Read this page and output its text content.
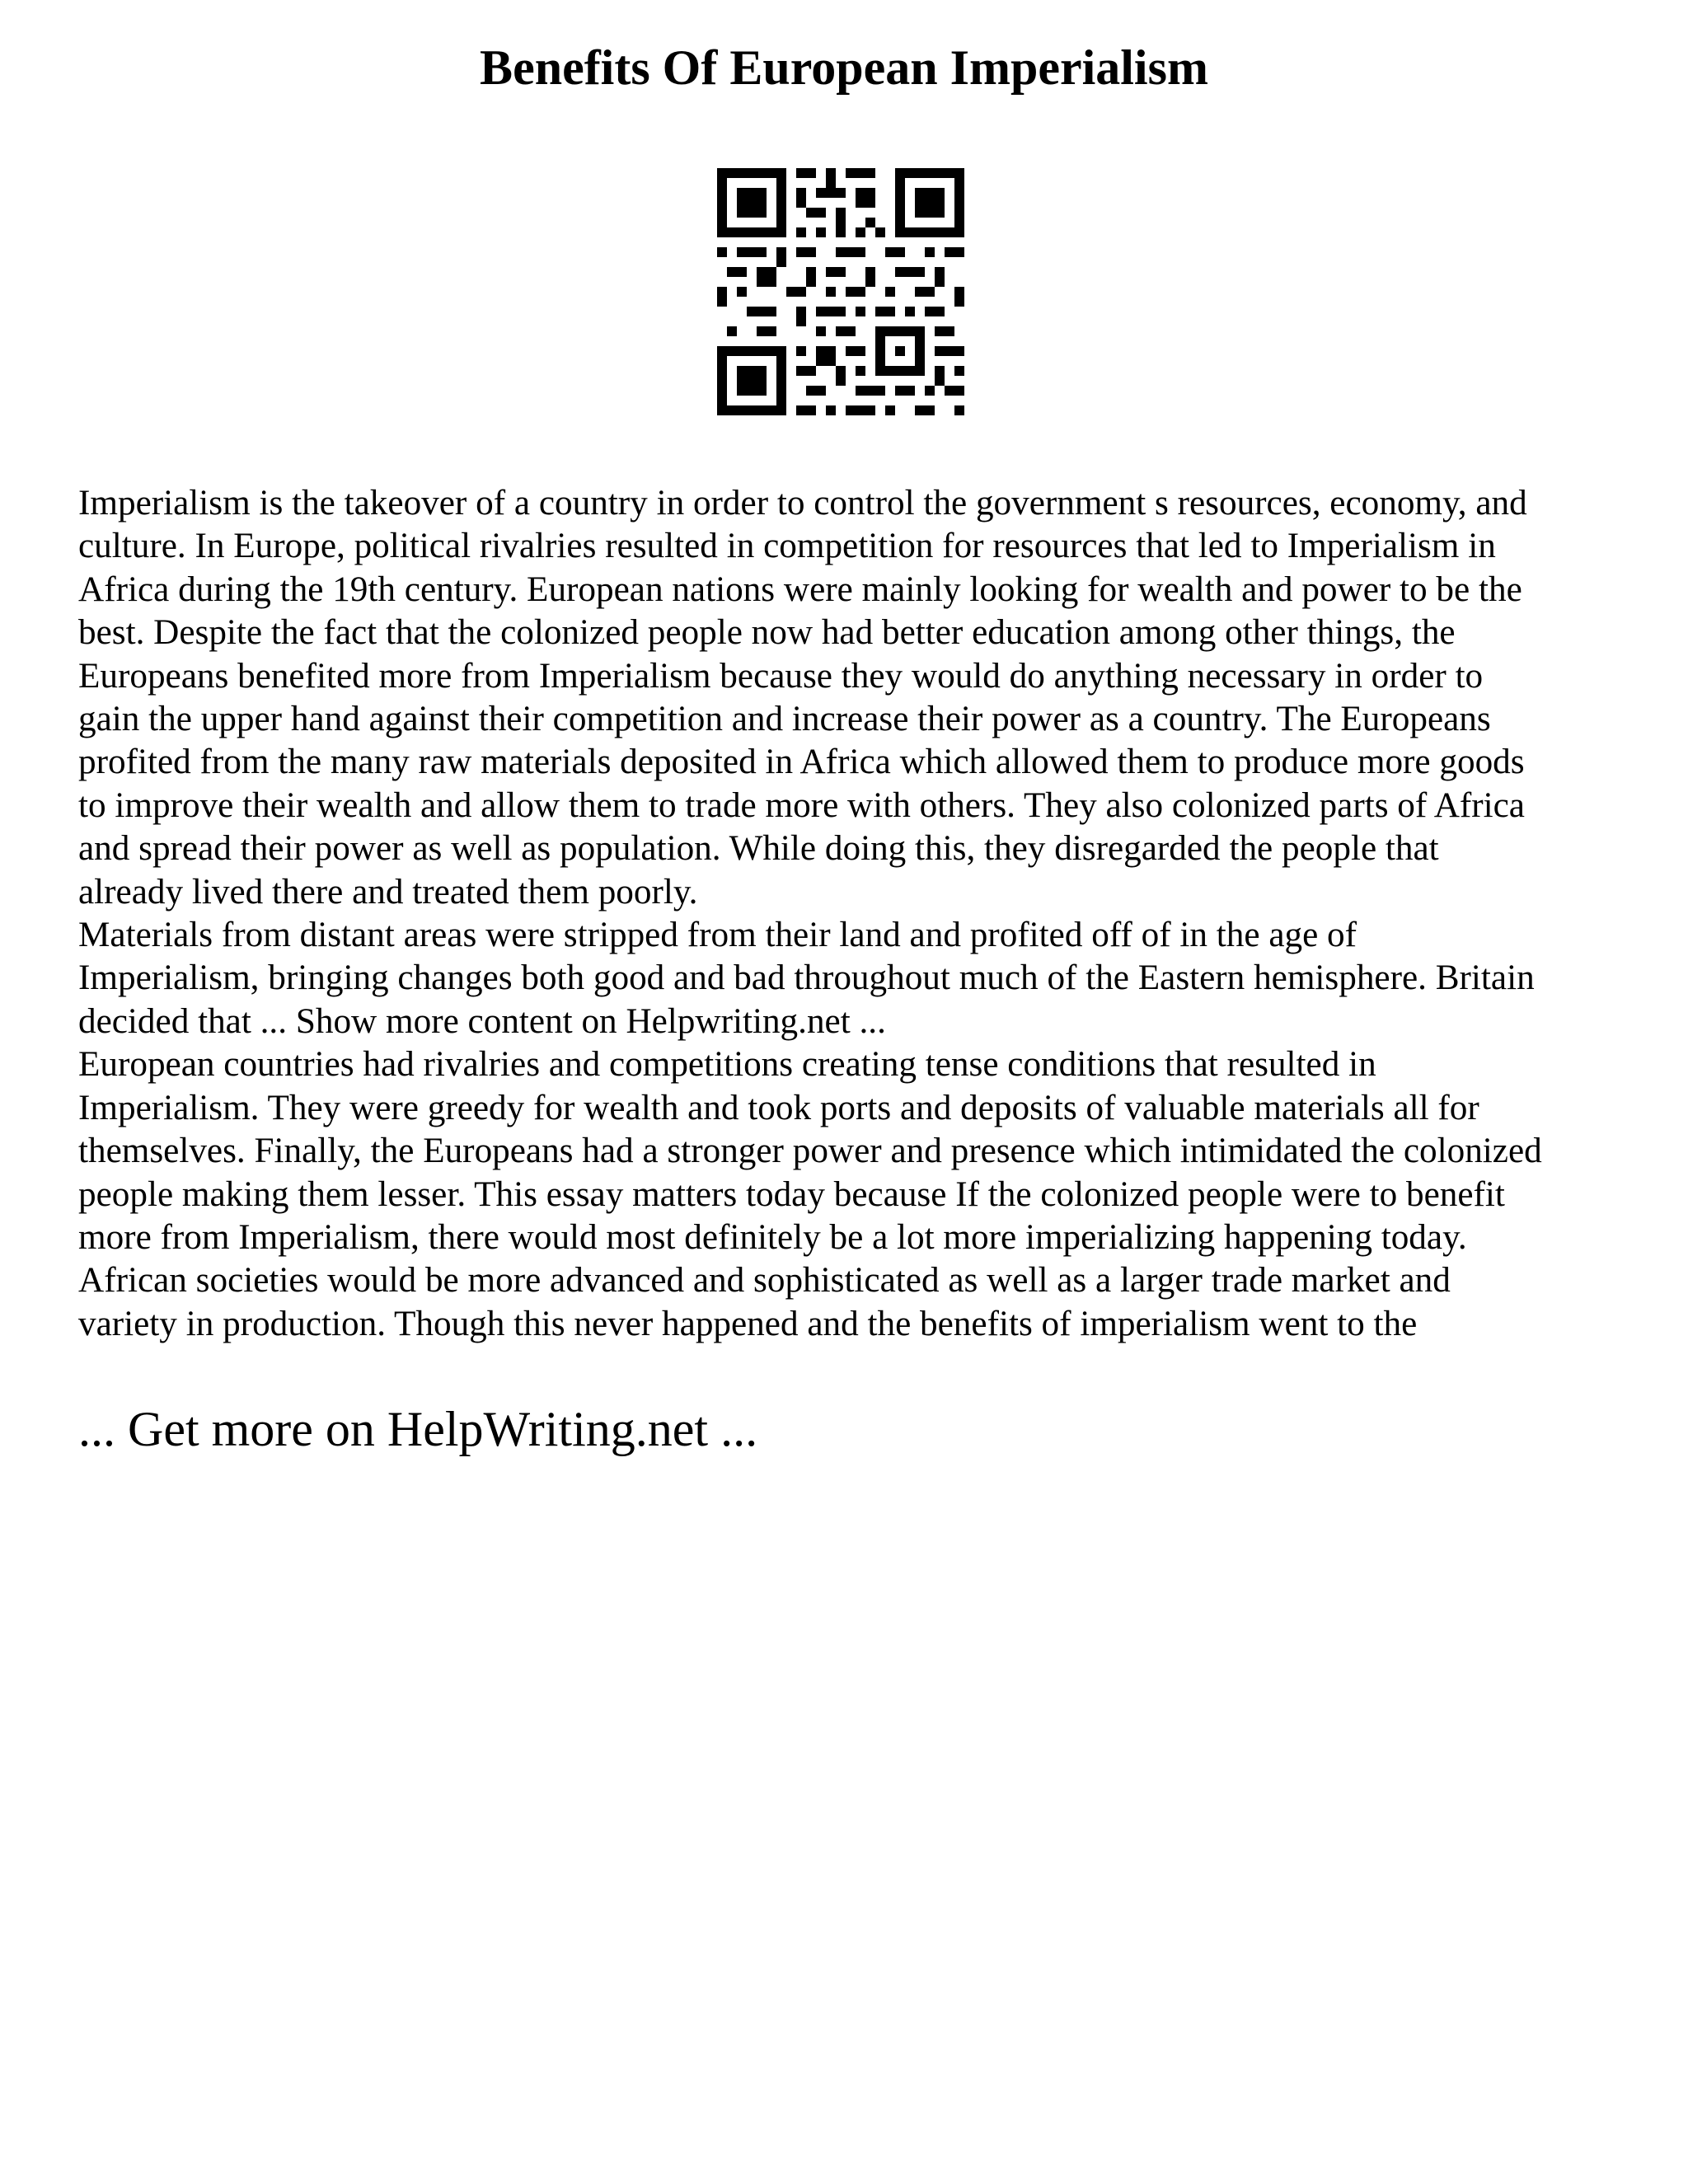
Benefits Of European Imperialism
Imperialism is the takeover of a country in order to control the government s resources, economy, and
culture. In Europe, political rivalries resulted in competition for resources that led to Imperialism in
Africa during the 19th century. European nations were mainly looking for wealth and power to be the
best. Despite the fact that the colonized people now had better education among other things, the
Europeans benefited more from Imperialism because they would do anything necessary in order to
gain the upper hand against their competition and increase their power as a country. The Europeans
profited from the many raw materials deposited in Africa which allowed them to produce more goods
to improve their wealth and allow them to trade more with others. They also colonized parts of Africa
and spread their power as well as population. While doing this, they disregarded the people that
already lived there and treated them poorly.
Materials from distant areas were stripped from their land and profited off of in the age of
Imperialism, bringing changes both good and bad throughout much of the Eastern hemisphere. Britain
decided that ... Show more content on Helpwriting.net ...
European countries had rivalries and competitions creating tense conditions that resulted in
Imperialism. They were greedy for wealth and took ports and deposits of valuable materials all for
themselves. Finally, the Europeans had a stronger power and presence which intimidated the colonized
people making them lesser. This essay matters today because If the colonized people were to benefit
more from Imperialism, there would most definitely be a lot more imperializing happening today.
African societies would be more advanced and sophisticated as well as a larger trade market and
variety in production. Though this never happened and the benefits of imperialism went to the

... Get more on HelpWriting.net ...
